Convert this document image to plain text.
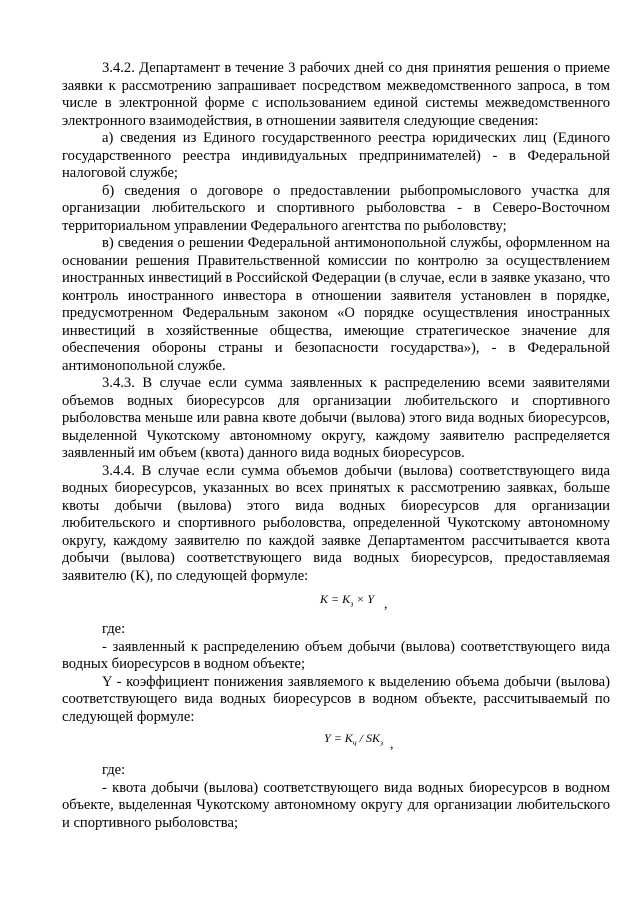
3.4.2. Департамент в течение 3 рабочих дней со дня принятия решения о приеме заявки к рассмотрению запрашивает посредством межведомственного запроса, в том числе в электронной форме с использованием единой системы межведомственного электронного взаимодействия, в отношении заявителя следующие сведения:

а) сведения из Единого государственного реестра юридических лиц (Единого государственного реестра индивидуальных предпринимателей) - в Федеральной налоговой службе;

б) сведения о договоре о предоставлении рыбопромыслового участка для организации любительского и спортивного рыболовства - в Северо-Восточном территориальном управлении Федерального агентства по рыболовству;

в) сведения о решении Федеральной антимонопольной службы, оформленном на основании решения Правительственной комиссии по контролю за осуществлением иностранных инвестиций в Российской Федерации (в случае, если в заявке указано, что контроль иностранного инвестора в отношении заявителя установлен в порядке, предусмотренном Федеральным законом «О порядке осуществления иностранных инвестиций в хозяйственные общества, имеющие стратегическое значение для обеспечения обороны страны и безопасности государства»), - в Федеральной антимонопольной службе.

3.4.3. В случае если сумма заявленных к распределению всеми заявителями объемов водных биоресурсов для организации любительского и спортивного рыболовства меньше или равна квоте добычи (вылова) этого вида водных биоресурсов, выделенной Чукотскому автономному округу, каждому заявителю распределяется заявленный им объем (квота) данного вида водных биоресурсов.

3.4.4. В случае если сумма объемов добычи (вылова) соответствующего вида водных биоресурсов, указанных во всех принятых к рассмотрению заявках, больше квоты добычи (вылова) этого вида водных биоресурсов для организации любительского и спортивного рыболовства, определенной Чукотскому автономному округу, каждому заявителю по каждой заявке Департаментом рассчитывается квота добычи (вылова) соответствующего вида водных биоресурсов, предоставляемая заявителю (К), по следующей формуле:

$K = K_з \times Y$ ,

где:

- заявленный к распределению объем добычи (вылова) соответствующего вида водных биоресурсов в водном объекте;

Y - коэффициент понижения заявляемого к выделению объема добычи (вылова) соответствующего вида водных биоресурсов в водном объекте, рассчитываемый по следующей формуле:

$Y = K_ч / SK_з$ ,

где:

- квота добычи (вылова) соответствующего вида водных биоресурсов в водном объекте, выделенная Чукотскому автономному округу для организации любительского и спортивного рыболовства;
